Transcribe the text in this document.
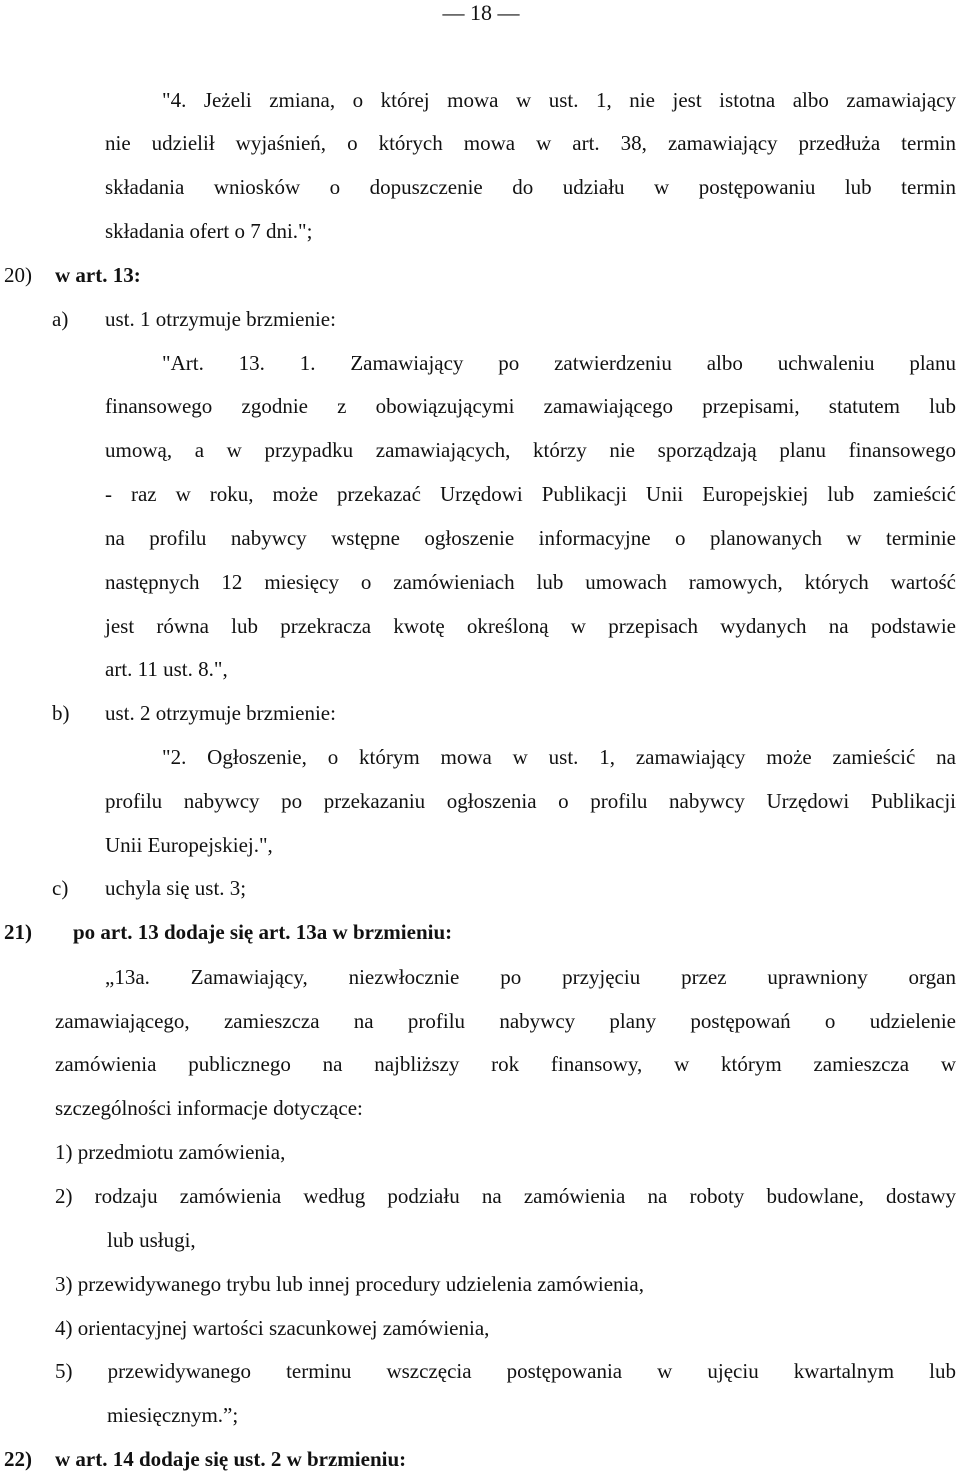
— 18 —
"4. Jeżeli zmiana, o której mowa w ust. 1, nie jest istotna albo zamawiający
nie udzielił wyjaśnień, o których mowa w art. 38, zamawiający przedłuża termin
składania wniosków o dopuszczenie do udziału w postępowaniu lub termin
składania ofert o 7 dni.";
20) w art. 13:
a) ust. 1 otrzymuje brzmienie:
"Art. 13. 1. Zamawiający po zatwierdzeniu albo uchwaleniu planu
finansowego zgodnie z obowiązującymi zamawiającego przepisami, statutem lub
umową, a w przypadku zamawiających, którzy nie sporządzają planu finansowego
- raz w roku, może przekazać Urzędowi Publikacji Unii Europejskiej lub zamieścić
na profilu nabywcy wstępne ogłoszenie informacyjne o planowanych w terminie
następnych 12 miesięcy o zamówieniach lub umowach ramowych, których wartość
jest równa lub przekracza kwotę określoną w przepisach wydanych na podstawie
art. 11 ust. 8.",
b) ust. 2 otrzymuje brzmienie:
"2. Ogłoszenie, o którym mowa w ust. 1, zamawiający może zamieścić na
profilu nabywcy po przekazaniu ogłoszenia o profilu nabywcy Urzędowi Publikacji
Unii Europejskiej.",
c) uchyla się ust. 3;
21) po art. 13 dodaje się art. 13a w brzmieniu:
„13a. Zamawiający, niezwłocznie po przyjęciu przez uprawniony organ
zamawiającego, zamieszcza na profilu nabywcy plany postępowań o udzielenie
zamówienia publicznego na najbliższy rok finansowy, w którym zamieszcza w
szczególności informacje dotyczące:
1) przedmiotu zamówienia,
2) rodzaju zamówienia według podziału na zamówienia na roboty budowlane, dostawy
lub usługi,
3) przewidywanego trybu lub innej procedury udzielenia zamówienia,
4) orientacyjnej wartości szacunkowej zamówienia,
5) przewidywanego terminu wszczęcia postępowania w ujęciu kwartalnym lub
miesięcznym.”;
22) w art. 14 dodaje się ust. 2 w brzmieniu:
